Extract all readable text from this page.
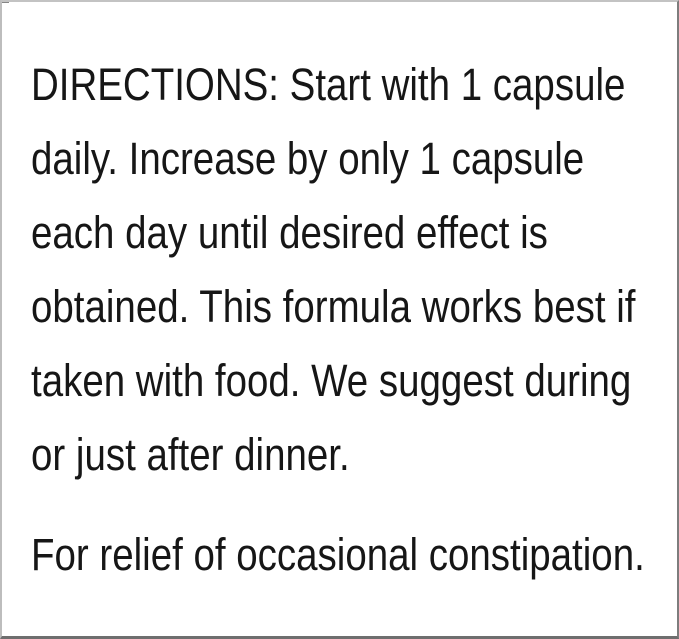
DIRECTIONS: Start with 1 capsule
daily. Increase by only 1 capsule
each day until desired effect is
obtained. This formula works best if
taken with food. We suggest during
or just after dinner.
For relief of occasional constipation.
